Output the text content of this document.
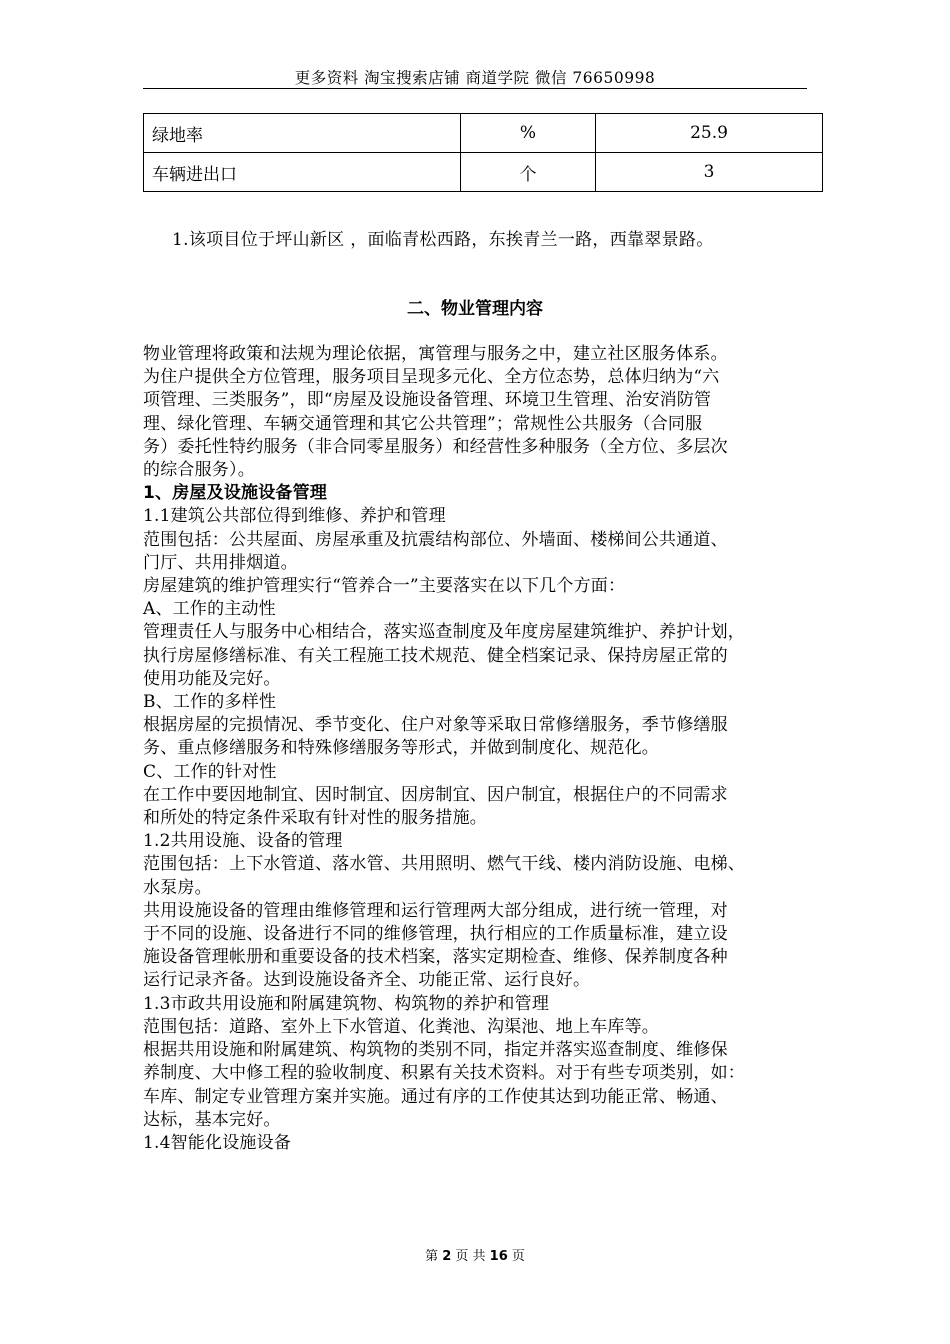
更多资料 淘宝搜索店铺 商道学院 微信 76650998
绿地率	%	25.9
车辆进出口	个	3
1.该项目位于坪山新区 ，面临青松西路，东挨青兰一路，西靠翠景路。
二、物业管理内容

物业管理将政策和法规为理论依据，寓管理与服务之中，建立社区服务体系。

为住户提供全方位管理，服务项目呈现多元化、全方位态势，总体归纳为“六

项管理、三类服务”，即“房屋及设施设备管理、环境卫生管理、治安消防管

理、绿化管理、车辆交通管理和其它公共管理”；常规性公共服务（合同服

务）委托性特约服务（非合同零星服务）和经营性多种服务（全方位、多层次

的综合服务）。

1、房屋及设施设备管理

1.1建筑公共部位得到维修、养护和管理

范围包括：公共屋面、房屋承重及抗震结构部位、外墙面、楼梯间公共通道、

门厅、共用排烟道。

房屋建筑的维护管理实行“管养合一”主要落实在以下几个方面：

A、工作的主动性

管理责任人与服务中心相结合，落实巡查制度及年度房屋建筑维护、养护计划，

执行房屋修缮标准、有关工程施工技术规范、健全档案记录、保持房屋正常的

使用功能及完好。

B、工作的多样性

根据房屋的完损情况、季节变化、住户对象等采取日常修缮服务，季节修缮服

务、重点修缮服务和特殊修缮服务等形式，并做到制度化、规范化。

C、工作的针对性

在工作中要因地制宜、因时制宜、因房制宜、因户制宜，根据住户的不同需求

和所处的特定条件采取有针对性的服务措施。

1.2共用设施、设备的管理

范围包括：上下水管道、落水管、共用照明、燃气干线、楼内消防设施、电梯、

水泵房。

共用设施设备的管理由维修管理和运行管理两大部分组成，进行统一管理，对

于不同的设施、设备进行不同的维修管理，执行相应的工作质量标准，建立设

施设备管理帐册和重要设备的技术档案，落实定期检查、维修、保养制度各种

运行记录齐备。达到设施设备齐全、功能正常、运行良好。

1.3市政共用设施和附属建筑物、构筑物的养护和管理

范围包括：道路、室外上下水管道、化粪池、沟渠池、地上车库等。

根据共用设施和附属建筑、构筑物的类别不同，指定并落实巡查制度、维修保

养制度、大中修工程的验收制度、积累有关技术资料。对于有些专项类别，如：

车库、制定专业管理方案并实施。通过有序的工作使其达到功能正常、畅通、

达标，基本完好。

1.4智能化设施设备

第 2 页 共 16 页
